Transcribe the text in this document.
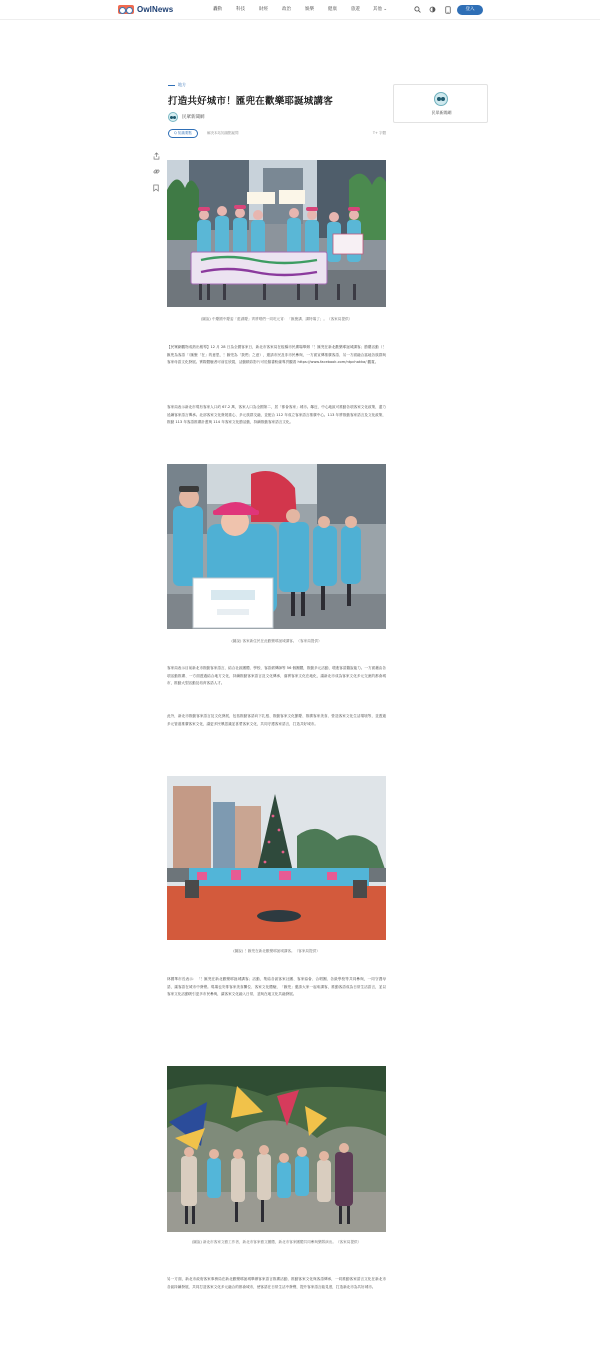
OwlNews	轟動	科技	財經	政治	娛樂	健康	旅遊	其他 ⌄	登入
地方
打造共好城市！匯兜在歡樂耶誕城講客
民眾新聞網
Q 知識要點	解決本站知識點疑問	T+ 字體
民眾新聞網
(圖說) 中慶國中慶委「藍湖慶」齊將唱們一同吃元宵：「匯聚講、講特場了」。（客家局提供）
【民眾網觀物成熟出報導】12 月 28 日為全國客家日，新北市客家局在板橋市民廣場舉辦「！匯兜在新北歡樂耶誕城講客」節慶活動（！匯兜為客語「（匯聚「在」的意思，！匯兜為「我們」之意），邀請市民及非市民參與，一方面宣傳推廣客語、另一方面融合當地各族群與客家母語文化發展。實際體驗者可前往欣賞，活動精彩影片可於臉書粉絲專頁觀看 https://www.facebook.com/ntpchakka/ 觀賞。
客家局表示新北市現有客家人口約 67.2 萬，客家人口為全國第二，居「都會客家」城市。鄰近、中心地區可推動各項客家文化政策，盡力延續客家語言傳承。北部客家文化發展重心、多元族群交融，並配合 112 年成立客家語言推廣中心。113 年將推動客家語言及文化政策，推動 113 年客語推廣計畫與 114 年客家文化節活動，持續推動客家語言文化。
(圖說) 客家新住民在此歡樂耶誕城講客。（客家局提供）
客家局表示目前新北市推動客家語言，結合社區團體、學校、客語薪傳師等 56 個團體，推動多元活動，增進客語聽說能力。一方面藉由各項活動推廣、一方面透過結合地方文化，持續推動客家語言及文化傳承，落實客家文化在地化，讓新北市成為客家文化多元交流的都會城市，推動大型活動及培育客語人才。
此外，新北市推動客家語言及文化發展，包括推動客語向下扎根、推動客家文化節慶、推廣客家美食、營造客家文化生活環境等，並透過多元管道推廣客家文化，讓更多民眾認識並喜愛客家文化，共同守護客家語言，打造共好城市。
(圖說) ！匯兜在新北歡樂耶誕城講客。（客家局提供）
林國華市長表示：「！匯兜在新北歡樂耶誕城講客」活動，集結各區客家社團、客家協會、合唱團、各級學校等共同參與，一同守護母語，讓客語在城市中發聲。現場也安排客家美食攤位、客家文化體驗，「匯兜」邀請大家一起來講客，推動客語成為日常生活語言，並以客家文化活動吸引更多市民參與，讓客家文化融入日常，並與在地文化共融發展。
(圖說) 新北市客家文藝工作者，新北市客家藝文團體，新北市客家團體共同參與樂隊演出。（客家局提供）
另一方面，新北市政府客家事務局在新北歡樂耶誕城舉辦客家語言推廣活動，推動客家文化與客語傳承，一同推動客家語言文化在新北市各區持續發展，共同打造客家文化多元融合的都會城市，使客語在日常生活中發聲，提升客家語言能見度，打造新北市為共好城市。
